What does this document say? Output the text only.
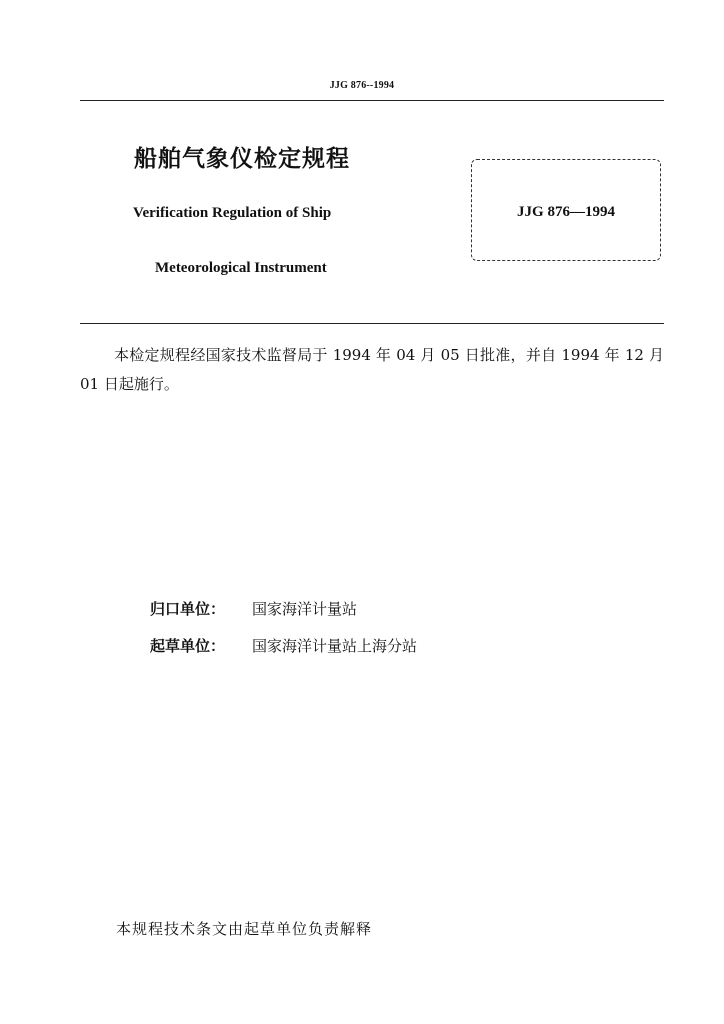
JJG 876--1994
船舶气象仪检定规程
Verification Regulation of Ship
Meteorological Instrument
JJG 876—1994
本检定规程经国家技术监督局于 1994 年 04 月 05 日批准，并自 1994 年 12 月 01 日起施行。
归口单位： 国家海洋计量站
起草单位： 国家海洋计量站上海分站
本规程技术条文由起草单位负责解释
